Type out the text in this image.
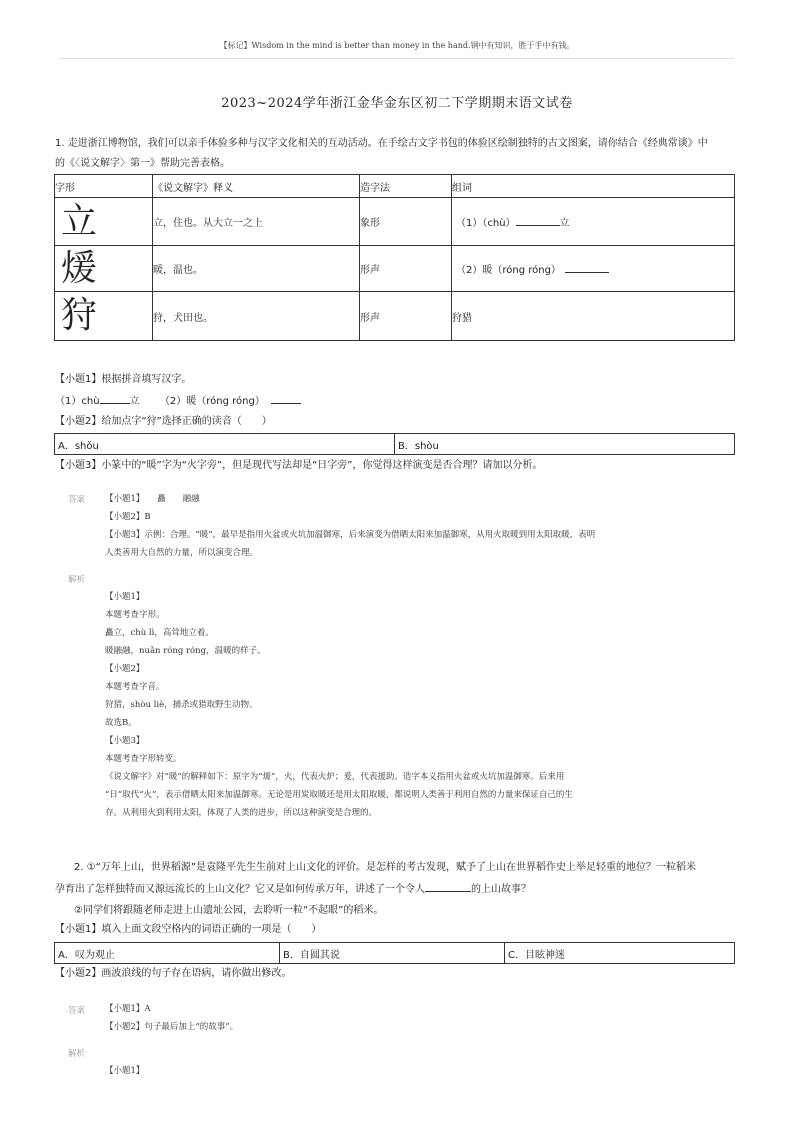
【标记】Wisdom in the mind is better than money in the hand.钢中有知识，胜于手中有钱。
2023~2024学年浙江金华金东区初二下学期期末语文试卷
1. 走进浙江博物馆，我们可以亲手体验多种与汉字文化相关的互动活动。在手绘古文字书包的体验区绘制独特的古文图案，请你结合《经典常谈》中
的《〈说文解字〉第一》帮助完善表格。
字形	《说文解字》释义	造字法	组词
立	立，住也。从大立一之上	象形	（1）（chù） 立
煖	暖，温也。	形声	（2）暖（róng róng）
狩	狩，犬田也。	形声	狩猎
【小题1】根据拼音填写汉字。
（1）chù	立 （2）暖（róng róng）
【小题2】给加点字“狩”选择正确的读音（　　）
A．shǒu	B．shòu
【小题3】小篆中的“暖”字为“火字旁”，但是现代写法却是“日字旁”，你觉得这样演变是否合理？请加以分析。
答案 【小题1】　　矗　　融融
【小题2】B
【小题3】示例：合理。“暖”，最早是指用火盆或火坑加温御寒，后来演变为借晒太阳来加温御寒，从用火取暖到用太阳取暖，表明
人类善用大自然的力量，所以演变合理。
解析
【小题1】
本题考查字形。
矗立，chù lì，高耸地立着。
暖融融，nuǎn róng róng，温暖的样子。
【小题2】
本题考查字音。
狩猎，shòu liè，捕杀或猎取野生动物。
故选B。
【小题3】
本题考查字形转变。
《说文解字》对“暖”的解释如下：原字为“煖”，火，代表火炉；爰，代表援助。造字本义指用火盆或火坑加温御寒。后来用
“日”取代“火”，表示借晒太阳来加温御寒。无论是用炭取暖还是用太阳取暖，都说明人类善于利用自然的力量来保证自己的生
存。从利用火到利用太阳，体现了人类的进步，所以这种演变是合理的。
2. ①“万年上山，世界稻源”是袁隆平先生生前对上山文化的评价。是怎样的考古发现，赋予了上山在世界稻作史上举足轻重的地位？一粒稻米
孕育出了怎样独特而又源远流长的上山文化？它又是如何传承万年，讲述了一个令人	的上山故事？
②同学们将跟随老师走进上山遗址公园，去聆听一粒“不起眼”的稻米。
【小题1】填入上面文段空格内的词语正确的一项是（　　）
A．叹为观止	B．自圆其说	C．目眩神迷
【小题2】画波浪线的句子存在语病，请你做出修改。
答案 【小题1】A
【小题2】句子最后加上“的故事”。
解析
【小题1】
